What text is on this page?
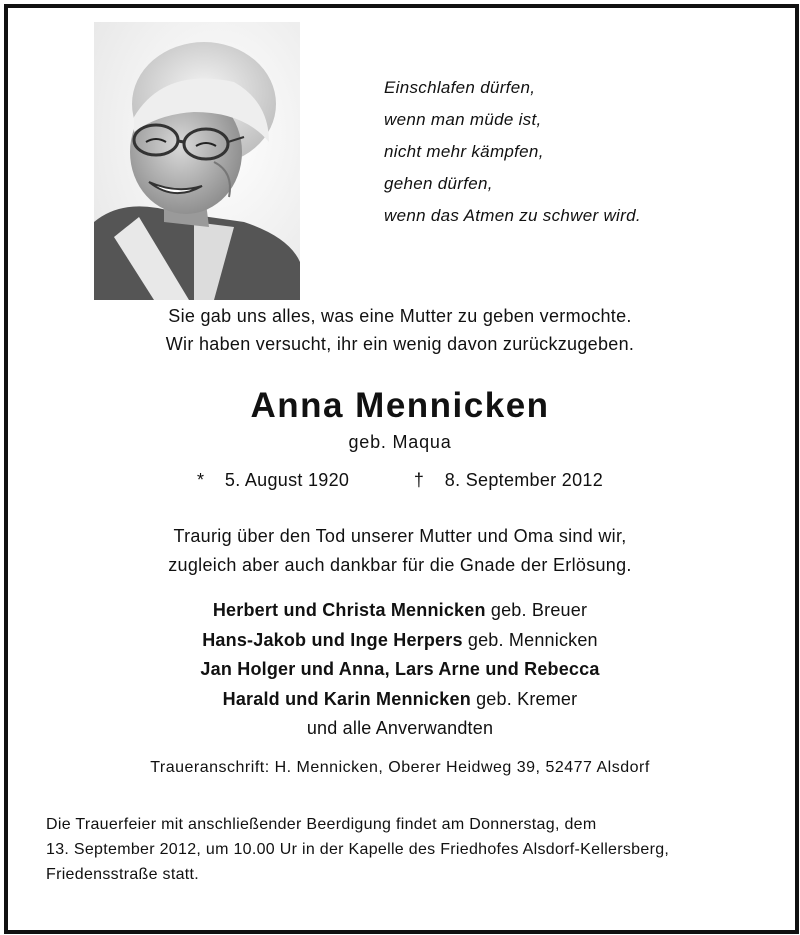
Einschlafen dürfen,
wenn man müde ist,
nicht mehr kämpfen,
gehen dürfen,
wenn das Atmen zu schwer wird.
Sie gab uns alles, was eine Mutter zu geben vermochte.
Wir haben versucht, ihr ein wenig davon zurückzugeben.
Anna Mennicken
geb. Maqua
* 5. August 1920	† 8. September 2012
Traurig über den Tod unserer Mutter und Oma sind wir,
zugleich aber auch dankbar für die Gnade der Erlösung.
Herbert und Christa Mennicken geb. Breuer
Hans-Jakob und Inge Herpers geb. Mennicken
Jan Holger und Anna, Lars Arne und Rebecca
Harald und Karin Mennicken geb. Kremer
und alle Anverwandten
Traueranschrift: H. Mennicken, Oberer Heidweg 39, 52477 Alsdorf
Die Trauerfeier mit anschließender Beerdigung findet am Donnerstag, dem
13. September 2012, um 10.00 Ur in der Kapelle des Friedhofes Alsdorf-Kellersberg,
Friedensstraße statt.
